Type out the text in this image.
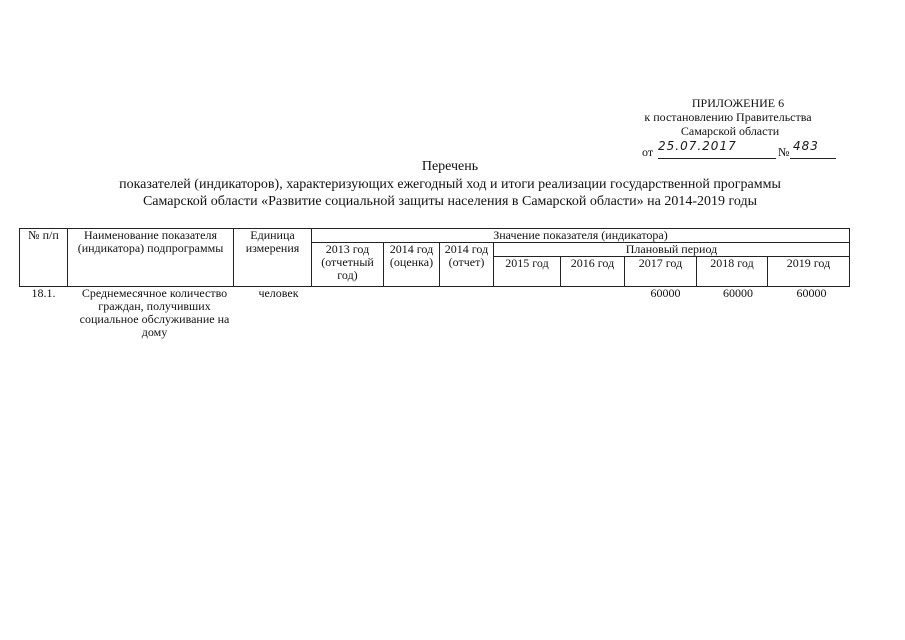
ПРИЛОЖЕНИЕ 6
к постановлению Правительства
Самарской области
от 25.07.2017	№ 483
Перечень
показателей (индикаторов), характеризующих ежегодный ход и итоги реализации государственной программы
Самарской области «Развитие социальной защиты населения в Самарской области» на 2014-2019 годы
№ п/п	Наименование показателя (индикатора) подпрограммы	Единица измерения	Значение показателя (индикатора)							
			2013 год (отчетный год)	2014 год (оценка)	2014 год (отчет)	Плановый период				
						2015 год	2016 год	2017 год	2018 год	2019 год
18.1.	Среднемесячное количество граждан, получивших социальное обслуживание на дому	человек						60000	60000	60000
